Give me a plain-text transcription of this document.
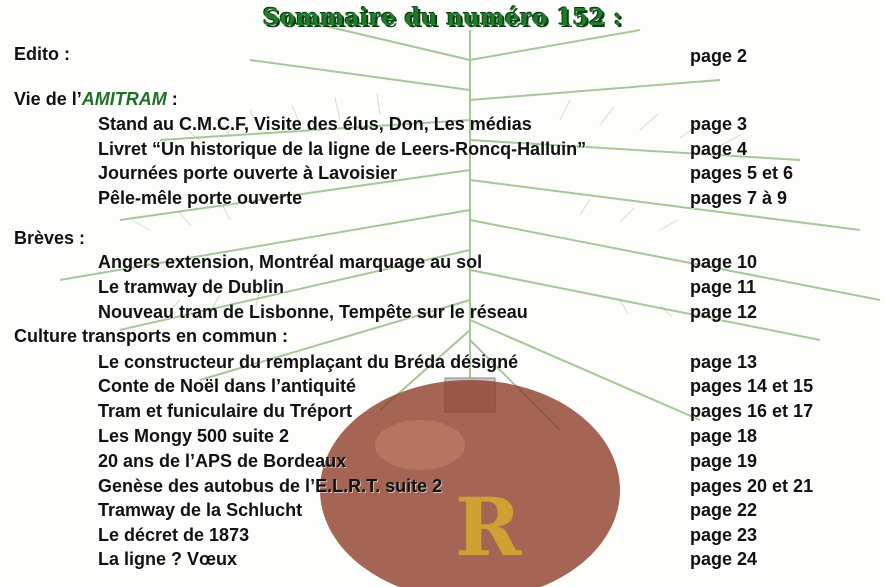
R
Sommaire du numéro 152 :
Edito :	page 2
Vie de l’AMITRAM :
Stand au C.M.C.F, Visite des élus, Don, Les médias	page 3
Livret “Un historique de la ligne de Leers-Roncq-Halluin”	page 4
Journées porte ouverte à Lavoisier	pages 5 et 6
Pêle-mêle porte ouverte	pages 7 à 9
Brèves :
Angers extension, Montréal marquage au sol	page 10
Le tramway de Dublin	page 11
Nouveau tram de Lisbonne, Tempête sur le réseau	page 12
Culture transports en commun :
Le constructeur du remplaçant du Bréda désigné	page 13
Conte de Noël dans l’antiquité	pages 14 et 15
Tram et funiculaire du Tréport	pages 16 et 17
Les Mongy 500 suite 2	page 18
20 ans de l’APS de Bordeaux	page 19
Genèse des autobus de l’E.L.R.T. suite 2	pages 20 et 21
Tramway de la Schlucht	page 22
Le décret de 1873	page 23
La ligne ? Vœux	page 24
